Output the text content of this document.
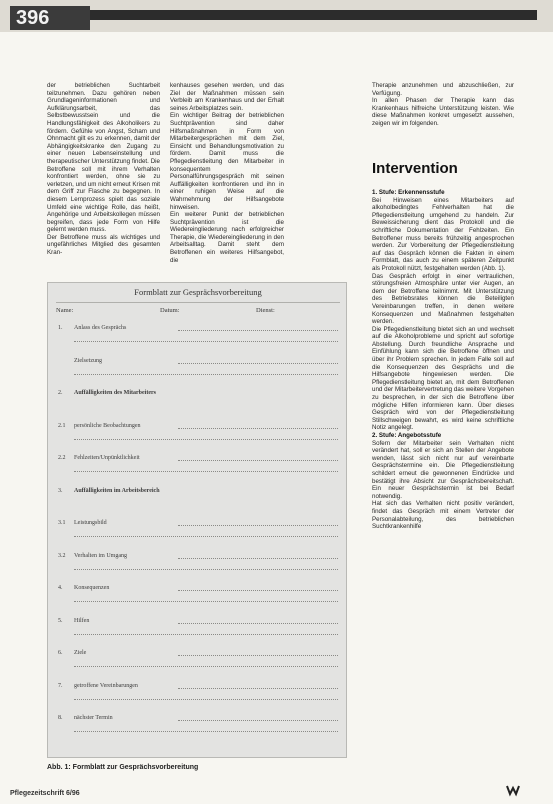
396

der betrieblichen Suchtarbeit teilzunehmen. Dazu gehören neben Grundlageninformationen und Aufklärungsarbeit, das Selbstbewusstsein und die Handlungsfähigkeit des Alkoholikers zu fördern. Gefühle von Angst, Scham und Ohnmacht gilt es zu erkennen, damit der Abhängigkeitskranke den Zugang zu einer neuen Lebenseinstellung und therapeutischer Unterstützung findet. Die Betroffene soll mit ihrem Verhalten konfrontiert werden, ohne sie zu verletzen, und um nicht erneut Krisen mit dem Griff zur Flasche zu begegnen. In diesem Lernprozess spielt das soziale Umfeld eine wichtige Rolle, das heißt, Angehörige und Arbeitskollegen müssen begreifen, dass jede Form von Hilfe gelernt werden muss.

Der Betroffene muss als wichtiges und ungefährliches Mitglied des gesamten Kran-

kenhauses gesehen werden, und das Ziel der Maßnahmen müssen sein Verbleib am Krankenhaus und der Erhalt seines Arbeitsplatzes sein.

Ein wichtiger Beitrag der betrieblichen Suchtprävention sind daher Hilfsmaßnahmen in Form von Mitarbeitergesprächen mit dem Ziel, Einsicht und Behandlungsmotivation zu fördern. Damit muss die Pflegedienstleitung den Mitarbeiter in konsequentem Personalführungsgespräch mit seinen Auffälligkeiten konfrontieren und ihn in einer ruhigen Weise auf die Wahrnehmung der Hilfsangebote hinweisen.

Ein weiterer Punkt der betrieblichen Suchtprävention ist die Wiedereingliederung nach erfolgreicher Therapie, die Wiedereingliederung in den Arbeitsalltag. Damit steht dem Betroffenen ein weiteres Hilfsangebot, die

Therapie anzunehmen und abzuschließen, zur Verfügung.

In allen Phasen der Therapie kann das Krankenhaus hilfreiche Unterstützung leisten. Wie diese Maßnahmen konkret umgesetzt aussehen, zeigen wir im folgenden.

Intervention

1. Stufe: Erkennensstufe

Bei Hinweisen eines Mitarbeiters auf alkoholbedingtes Fehlverhalten hat die Pflegedienstleitung umgehend zu handeln. Zur Beweissicherung dient das Protokoll und die schriftliche Dokumentation der Fehlzeiten. Ein Betroffener muss bereits frühzeitig angesprochen werden. Zur Vorbereitung der Pflegedienstleitung auf das Gespräch können die Fakten in einem Formblatt, das auch zu einem späteren Zeitpunkt als Protokoll nützt, festgehalten werden (Abb. 1).

Das Gespräch erfolgt in einer vertraulichen, störungsfreien Atmosphäre unter vier Augen, an dem der Betroffene teilnimmt. Mit Unterstützung des Betriebsrates können die Beteiligten Vereinbarungen treffen, in denen weitere Konsequenzen und Maßnahmen festgehalten werden.

Die Pflegedienstleitung bietet sich an und wechselt auf die Alkoholprobleme und spricht auf sofortige Abstellung. Durch freundliche Ansprache und Einfühlung kann sich die Betroffene öffnen und über ihr Problem sprechen. In jedem Falle soll auf die Konsequenzen des Gesprächs und die Hilfsangebote hingewiesen werden. Die Pflegedienstleitung bietet an, mit dem Betroffenen und der Mitarbeitervertretung das weitere Vorgehen zu besprechen, in der sich die Betroffene über mögliche Hilfen informieren kann. Über dieses Gespräch wird von der Pflegedienstleitung Stillschweigen bewahrt, es wird keine schriftliche Notiz angelegt.

2. Stufe: Angebotsstufe

Sofern der Mitarbeiter sein Verhalten nicht verändert hat, soll er sich an Stellen der Angebote wenden, lässt sich nicht nur auf vereinbarte Gesprächstermine ein. Die Pflegedienstleitung schildert erneut die gewonnenen Eindrücke und bestätigt ihre Absicht zur Gesprächsbereitschaft. Ein neuer Gesprächstermin ist bei Bedarf notwendig.

Hat sich das Verhalten nicht positiv verändert, findet das Gespräch mit einem Vertreter der Personalabteilung, des betrieblichen Suchtkrankenhilfe

Formblatt zur Gesprächsvorbereitung
Name:	Datum:	Dienst:
1.	Anlass des Gesprächs
Zielsetzung
2.	Auffälligkeiten des Mitarbeiters
2.1	persönliche Beobachtungen
2.2	Fehlzeiten/Unpünktlichkeit
3.	Auffälligkeiten im Arbeitsbereich
3.1	Leistungsbild
3.2	Verhalten im Umgang
4.	Konsequenzen
5.	Hilfen
6.	Ziele
7.	getroffene Vereinbarungen
8.	nächster Termin
Abb. 1: Formblatt zur Gesprächsvorbereitung
Pflegezeitschrift 6/96
